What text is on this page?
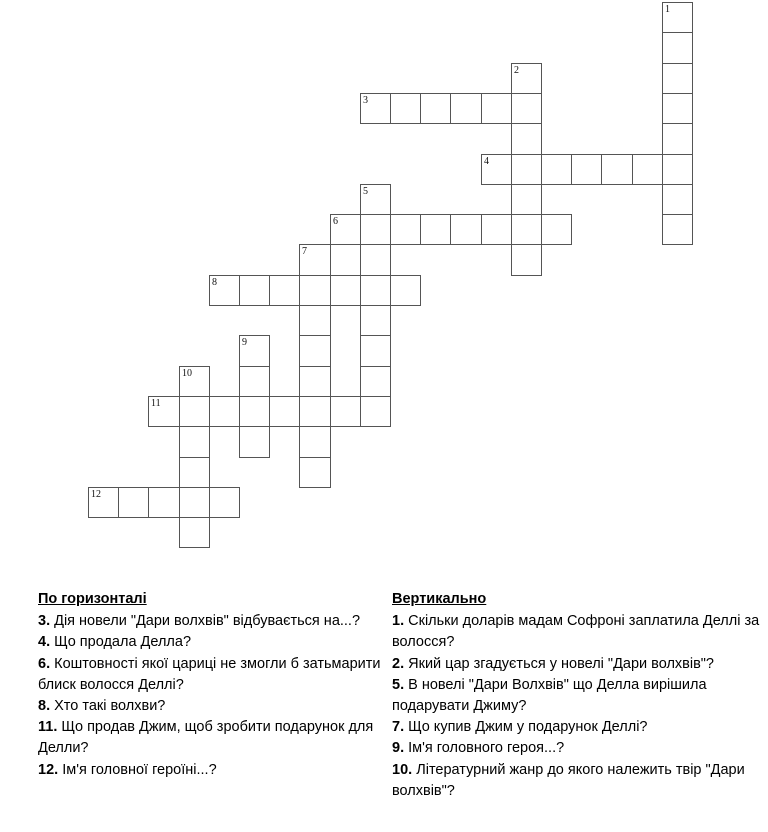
1
2
5
7
9
10
3
4
6
8
11
12
По горизонталі
3. Дія новели "Дари волхвів" відбувається на...?
4. Що продала Делла?
6. Коштовності якої цариці не змогли б затьмарити блиск волосся Деллі?
8. Хто такі волхви?
11. Що продав Джим, щоб зробити подарунок для Делли?
12. Ім'я головної героїні...?
Вертикально
1. Скільки доларів мадам Софроні заплатила Деллі за волосся?
2. Який цар згадується у новелі "Дари волхвів"?
5. В новелі "Дари Волхвів" що Делла вирішила подарувати Джиму?
7. Що купив Джим у подарунок Деллі?
9. Ім'я головного героя...?
10. Літературний жанр до якого належить твір "Дари волхвів"?
